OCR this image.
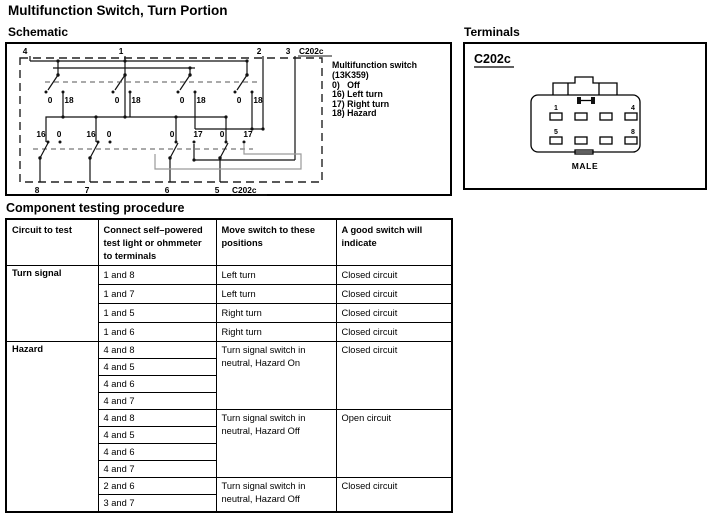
Multifunction Switch, Turn Portion
Schematic	Terminals
4	1	2	3 C202c
0 18	0 18	0 18	0 18
16 0	16 0	0 17 0 17
8	7	6	5 C202c
Multifunction switch
(13K359)
0)   Off
16) Left turn
17) Right turn
18) Hazard
C202c
1	4
5	8
MALE
Component testing procedure
Circuit to test	Connect self–powered test light or ohmmeter to terminals	Move switch to these positions	A good switch will indicate
Turn signal	1 and 8	Left turn	Closed circuit
	1 and 7	Left turn	Closed circuit
	1 and 5	Right turn	Closed circuit
	1 and 6	Right turn	Closed circuit
Hazard	4 and 8	Turn signal switch in neutral, Hazard On	Closed circuit
	4 and 5		
	4 and 6		
	4 and 7		
	4 and 8	Turn signal switch in neutral, Hazard Off	Open circuit
	4 and 5		
	4 and 6		
	4 and 7		
	2 and 6	Turn signal switch in neutral, Hazard Off	Closed circuit
	3 and 7		
